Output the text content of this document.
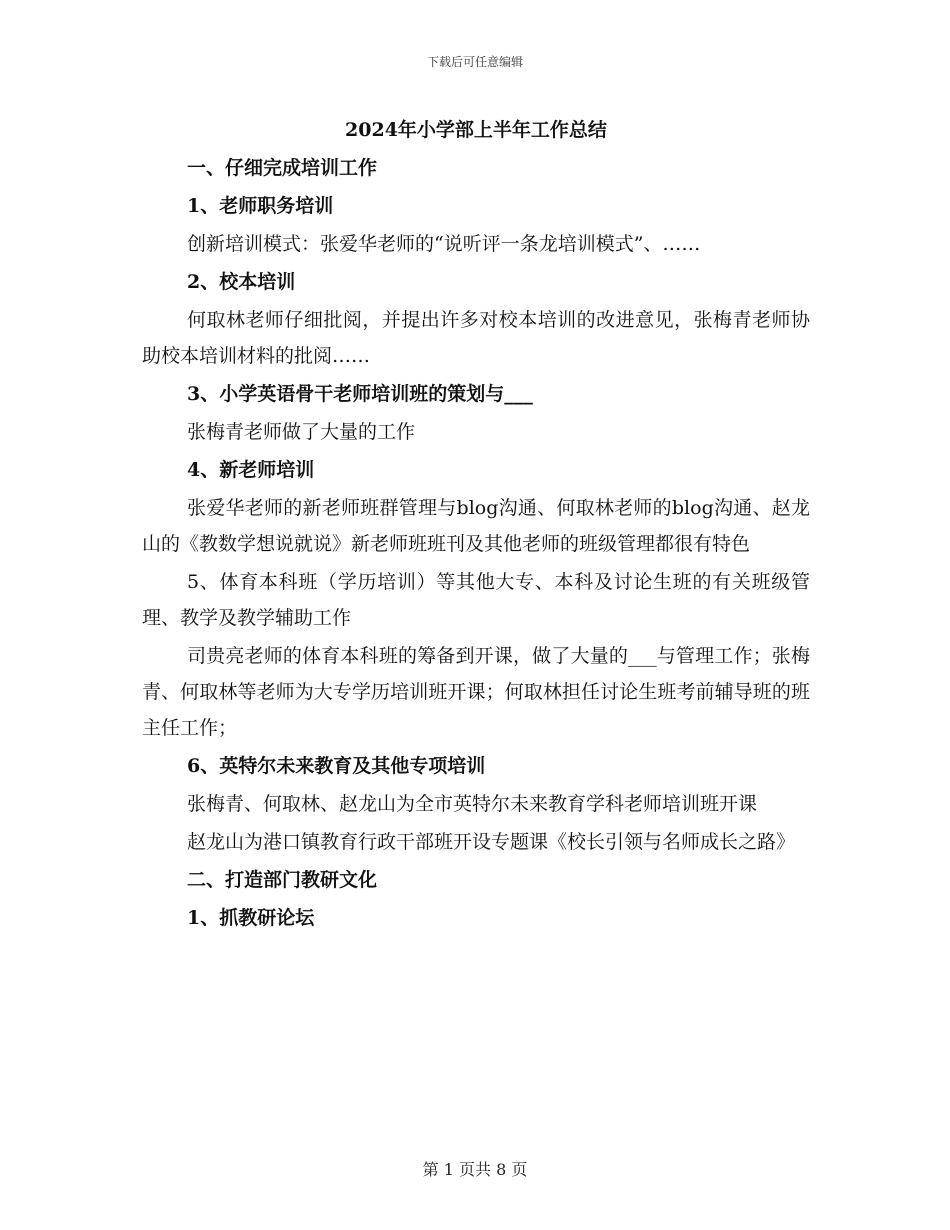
下载后可任意编辑
2024年小学部上半年工作总结
一、仔细完成培训工作
1、老师职务培训
创新培训模式：张爱华老师的“说听评一条龙培训模式”、……
2、校本培训
何取林老师仔细批阅，并提出许多对校本培训的改进意见，张梅青老师协助校本培训材料的批阅……
3、小学英语骨干老师培训班的策划与___
张梅青老师做了大量的工作
4、新老师培训
张爱华老师的新老师班群管理与blog沟通、何取林老师的blog沟通、赵龙山的《教数学想说就说》新老师班班刊及其他老师的班级管理都很有特色
5、体育本科班（学历培训）等其他大专、本科及讨论生班的有关班级管理、教学及教学辅助工作
司贵亮老师的体育本科班的筹备到开课，做了大量的___与管理工作；张梅青、何取林等老师为大专学历培训班开课；何取林担任讨论生班考前辅导班的班主任工作；
6、英特尔未来教育及其他专项培训
张梅青、何取林、赵龙山为全市英特尔未来教育学科老师培训班开课
赵龙山为港口镇教育行政干部班开设专题课《校长引领与名师成长之路》
二、打造部门教研文化
1、抓教研论坛
第 1 页共 8 页
